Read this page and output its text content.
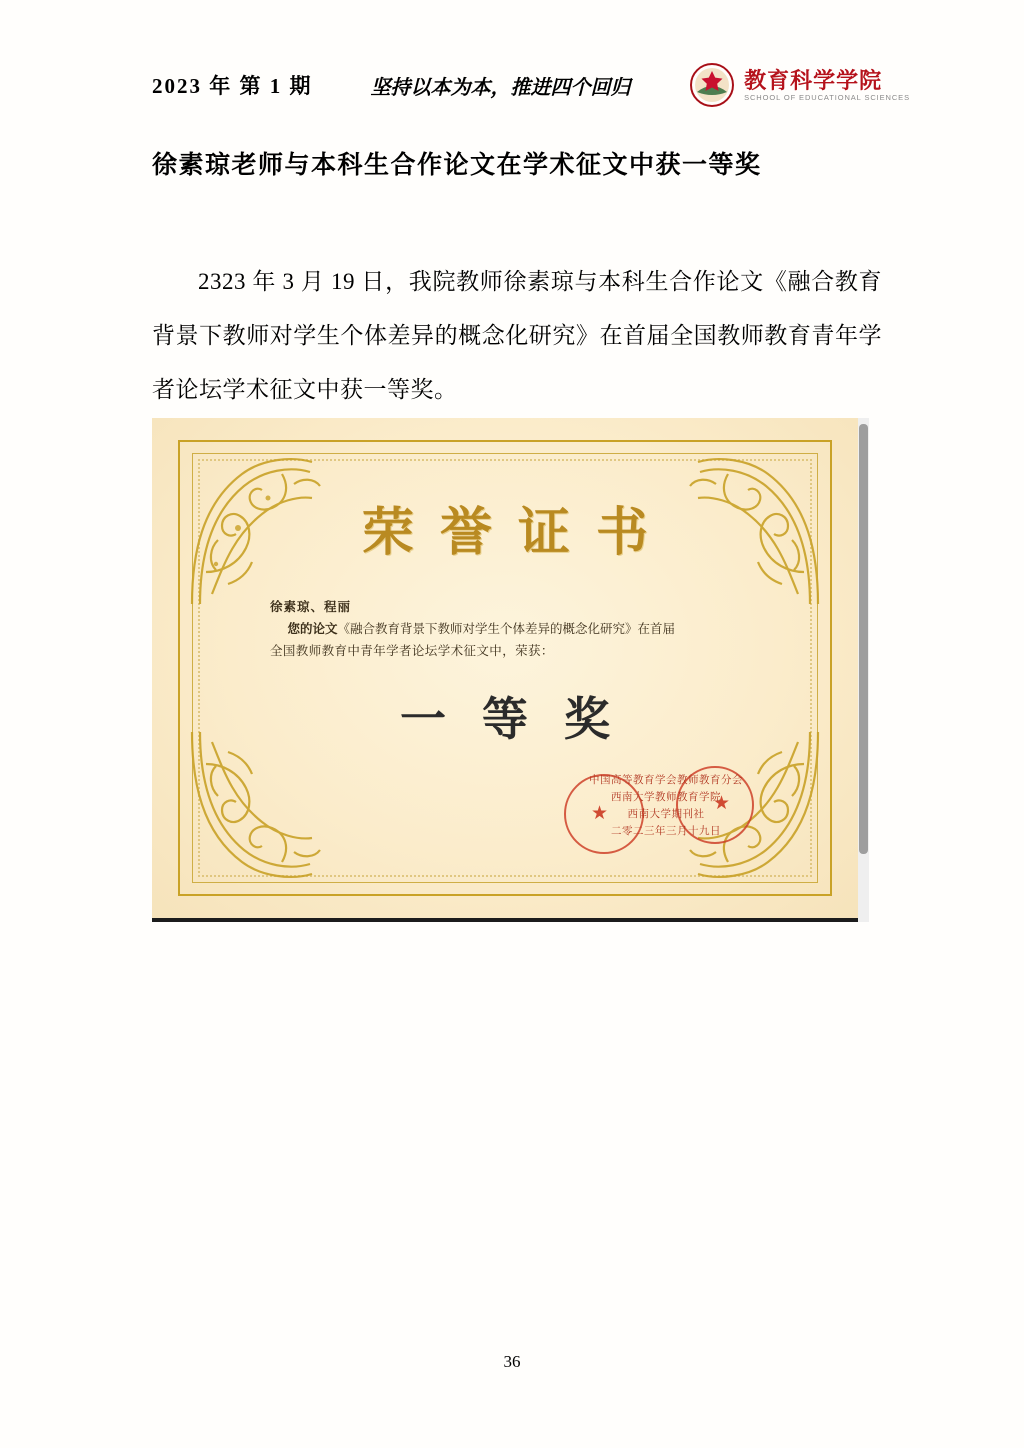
2023 年 第 1 期	坚持以本为本，推进四个回归	教育科学学院
SCHOOL OF EDUCATIONAL SCIENCES
徐素琼老师与本科生合作论文在学术征文中获一等奖

2323 年 3 月 19 日，我院教师徐素琼与本科生合作论文《融合教育背景下教师对学生个体差异的概念化研究》在首届全国教师教育青年学者论坛学术征文中获一等奖。

荣誉证书
徐素琼、程丽
您的论文《融合教育背景下教师对学生个体差异的概念化研究》在首届
全国教师教育中青年学者论坛学术征文中，荣获：
一等奖
★	★
中国高等教育学会教师教育分会
西南大学教师教育学院
西南大学期刊社
二零二三年三月十九日
36
